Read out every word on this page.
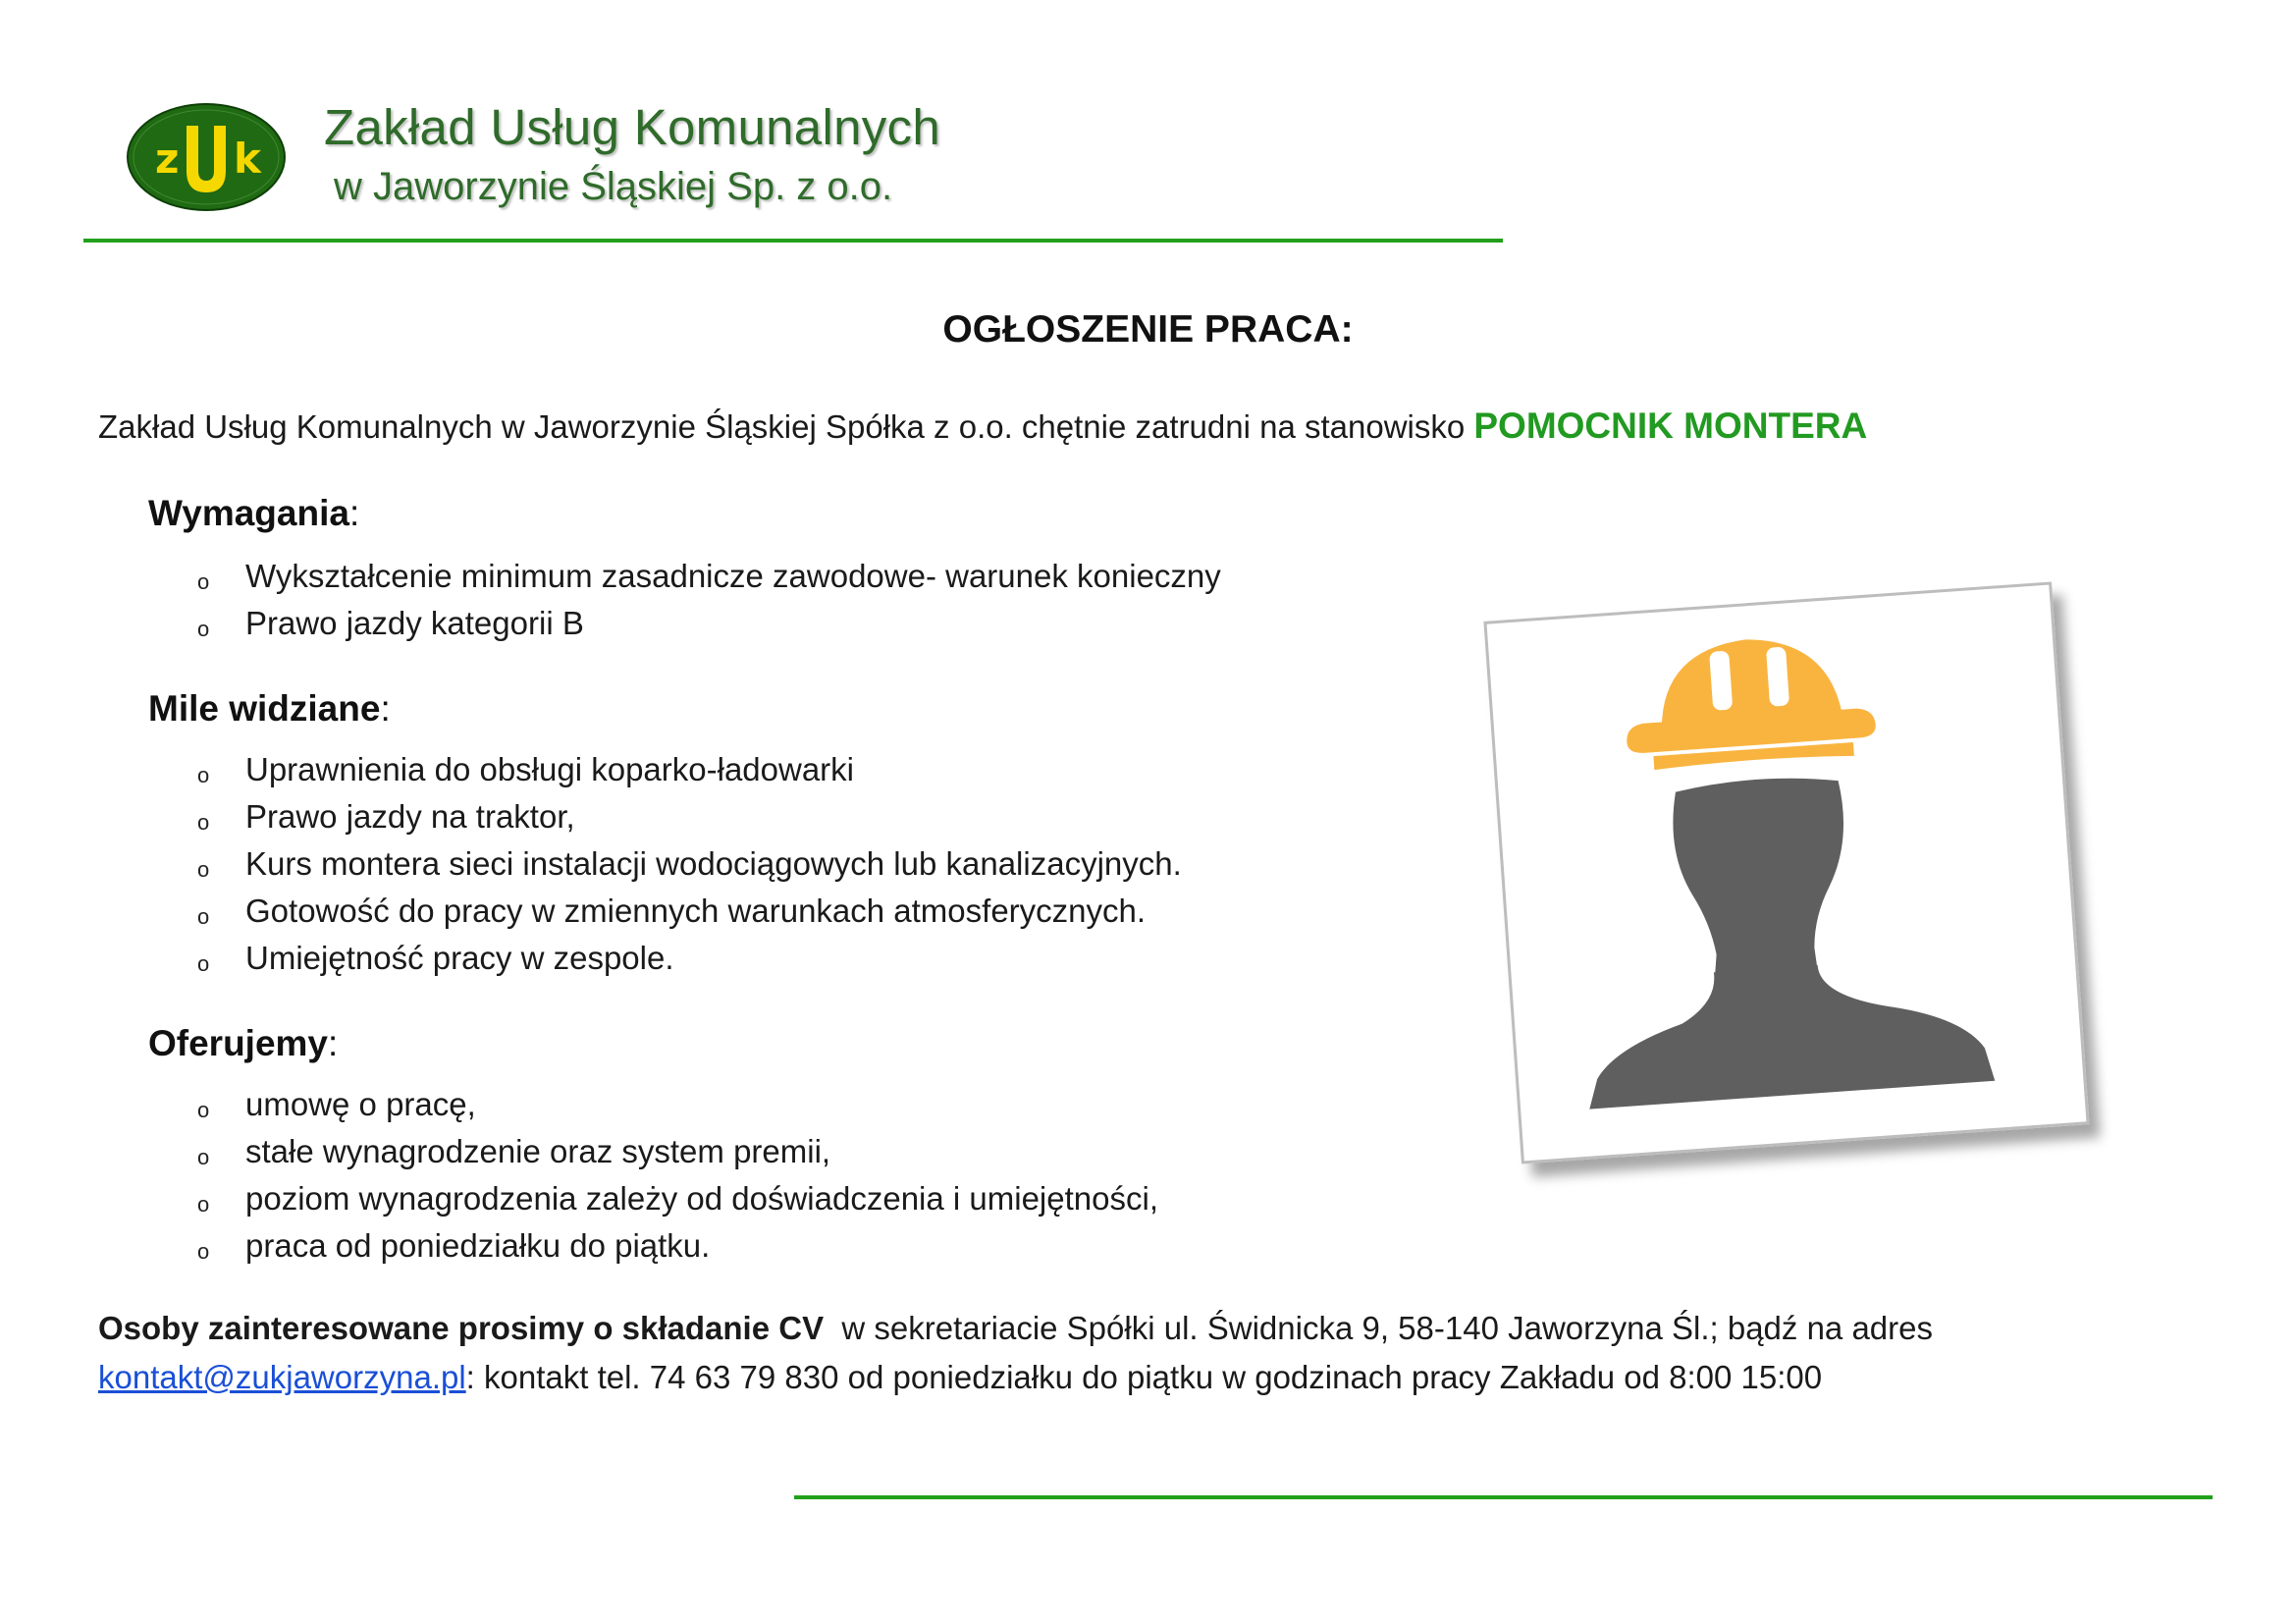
z k
Zakład Usług Komunalnych
w Jaworzynie Śląskiej Sp. z o.o.
OGŁOSZENIE PRACA:
Zakład Usług Komunalnych w Jaworzynie Śląskiej Spółka z o.o. chętnie zatrudni na stanowisko POMOCNIK MONTERA
Wymagania:
o Wykształcenie minimum zasadnicze zawodowe- warunek konieczny
o Prawo jazdy kategorii B
Mile widziane:
o Uprawnienia do obsługi koparko-ładowarki
o Prawo jazdy na traktor,
o Kurs montera sieci instalacji wodociągowych lub kanalizacyjnych.
o Gotowość do pracy w zmiennych warunkach atmosferycznych.
o Umiejętność pracy w zespole.
Oferujemy:
o umowę o pracę,
o stałe wynagrodzenie oraz system premii,
o poziom wynagrodzenia zależy od doświadczenia i umiejętności,
o praca od poniedziałku do piątku.
Osoby zainteresowane prosimy o składanie CV  w sekretariacie Spółki ul. Świdnicka 9, 58-140 Jaworzyna Śl.; bądź na adres
kontakt@zukjaworzyna.pl: kontakt tel. 74 63 79 830 od poniedziałku do piątku w godzinach pracy Zakładu od 8:00 15:00
